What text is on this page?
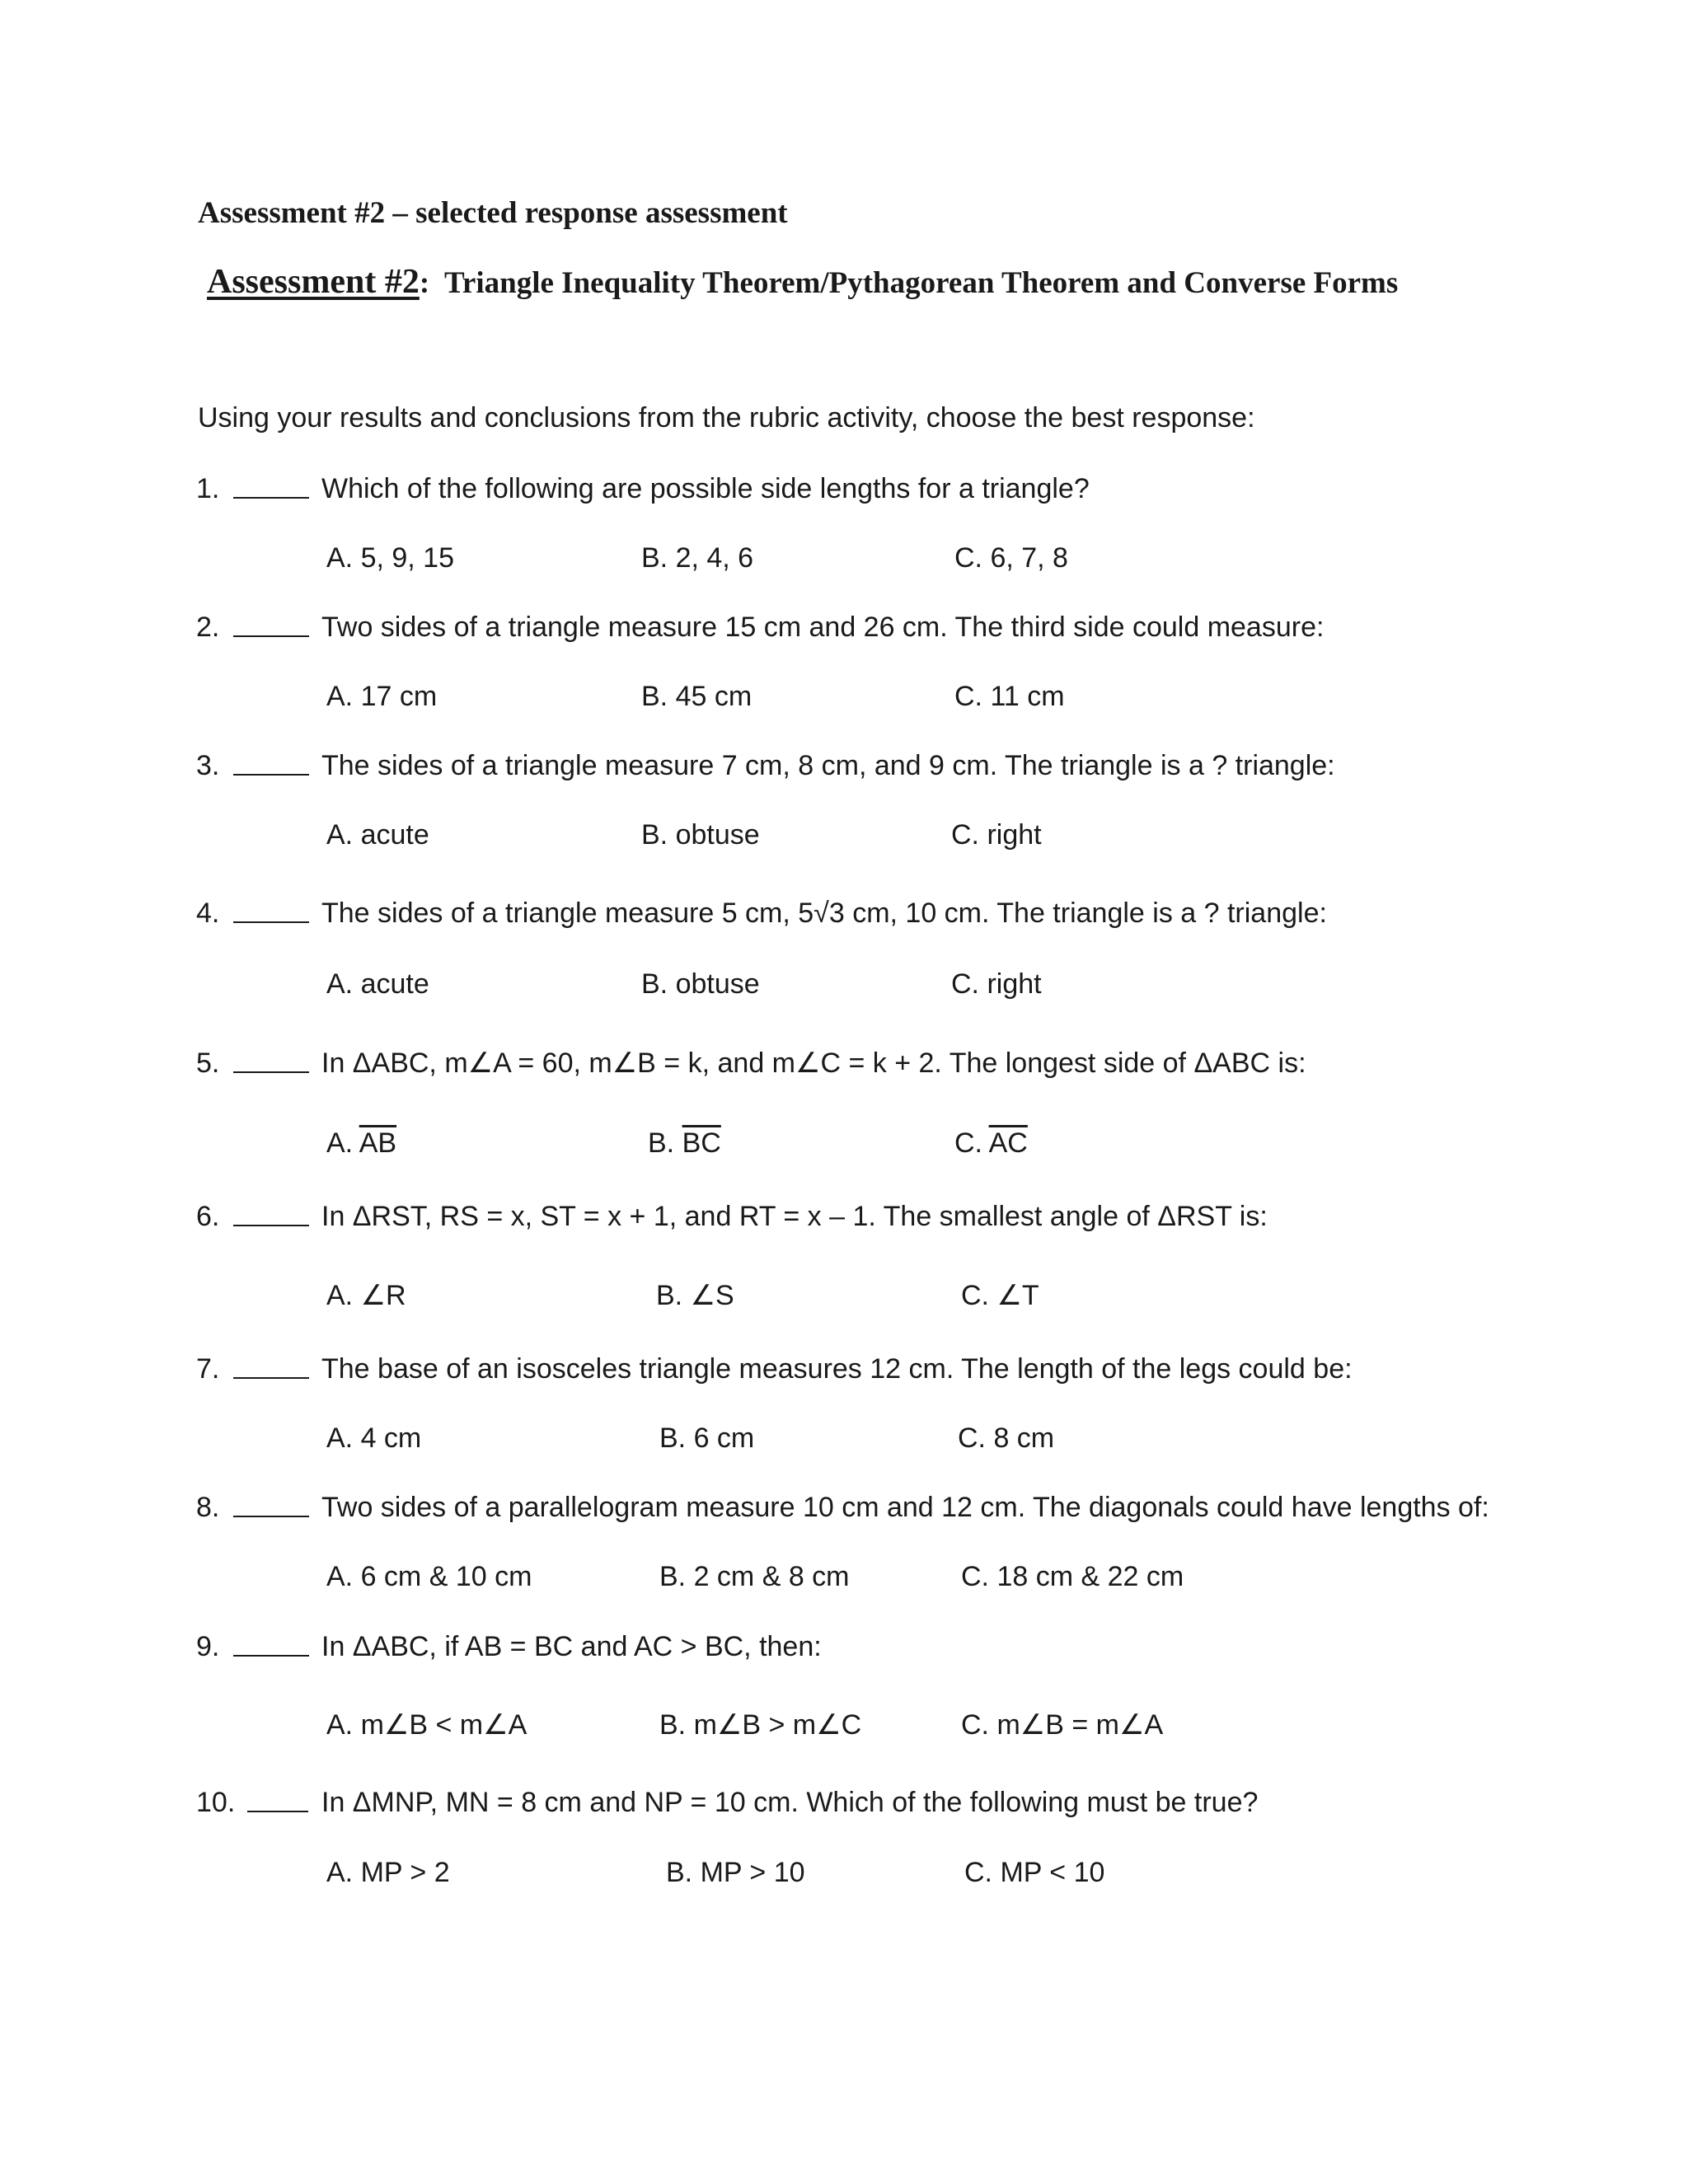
Assessment #2 – selected response assessment
Assessment #2: Triangle Inequality Theorem/Pythagorean Theorem and Converse Forms
Using your results and conclusions from the rubric activity, choose the best response:
1.	Which of the following are possible side lengths for a triangle?
A. 5, 9, 15	B. 2, 4, 6	C. 6, 7, 8
2.	Two sides of a triangle measure 15 cm and 26 cm. The third side could measure:
A. 17 cm	B. 45 cm	C. 11 cm
3.	The sides of a triangle measure 7 cm, 8 cm, and 9 cm. The triangle is a ? triangle:
A. acute	B. obtuse	C. right
4.	The sides of a triangle measure 5 cm, 5√3 cm, 10 cm. The triangle is a ? triangle:
A. acute	B. obtuse	C. right
5.	In ΔABC, m∠A = 60, m∠B = k, and m∠C = k + 2. The longest side of ΔABC is:
A. $\overline{AB}$	B. $\overline{BC}$	C. $\overline{AC}$
6.	In ΔRST, RS = x, ST = x + 1, and RT = x – 1. The smallest angle of ΔRST is:
A. ∠R	B. ∠S	C. ∠T
7.	The base of an isosceles triangle measures 12 cm. The length of the legs could be:
A. 4 cm	B. 6 cm	C. 8 cm
8.	Two sides of a parallelogram measure 10 cm and 12 cm. The diagonals could have lengths of:
A. 6 cm & 10 cm	B. 2 cm & 8 cm	C. 18 cm & 22 cm
9.	In ΔABC, if AB = BC and AC > BC, then:
A. m∠B < m∠A	B. m∠B > m∠C	C. m∠B = m∠A
10.	In ΔMNP, MN = 8 cm and NP = 10 cm. Which of the following must be true?
A. MP > 2	B. MP > 10	C. MP < 10
